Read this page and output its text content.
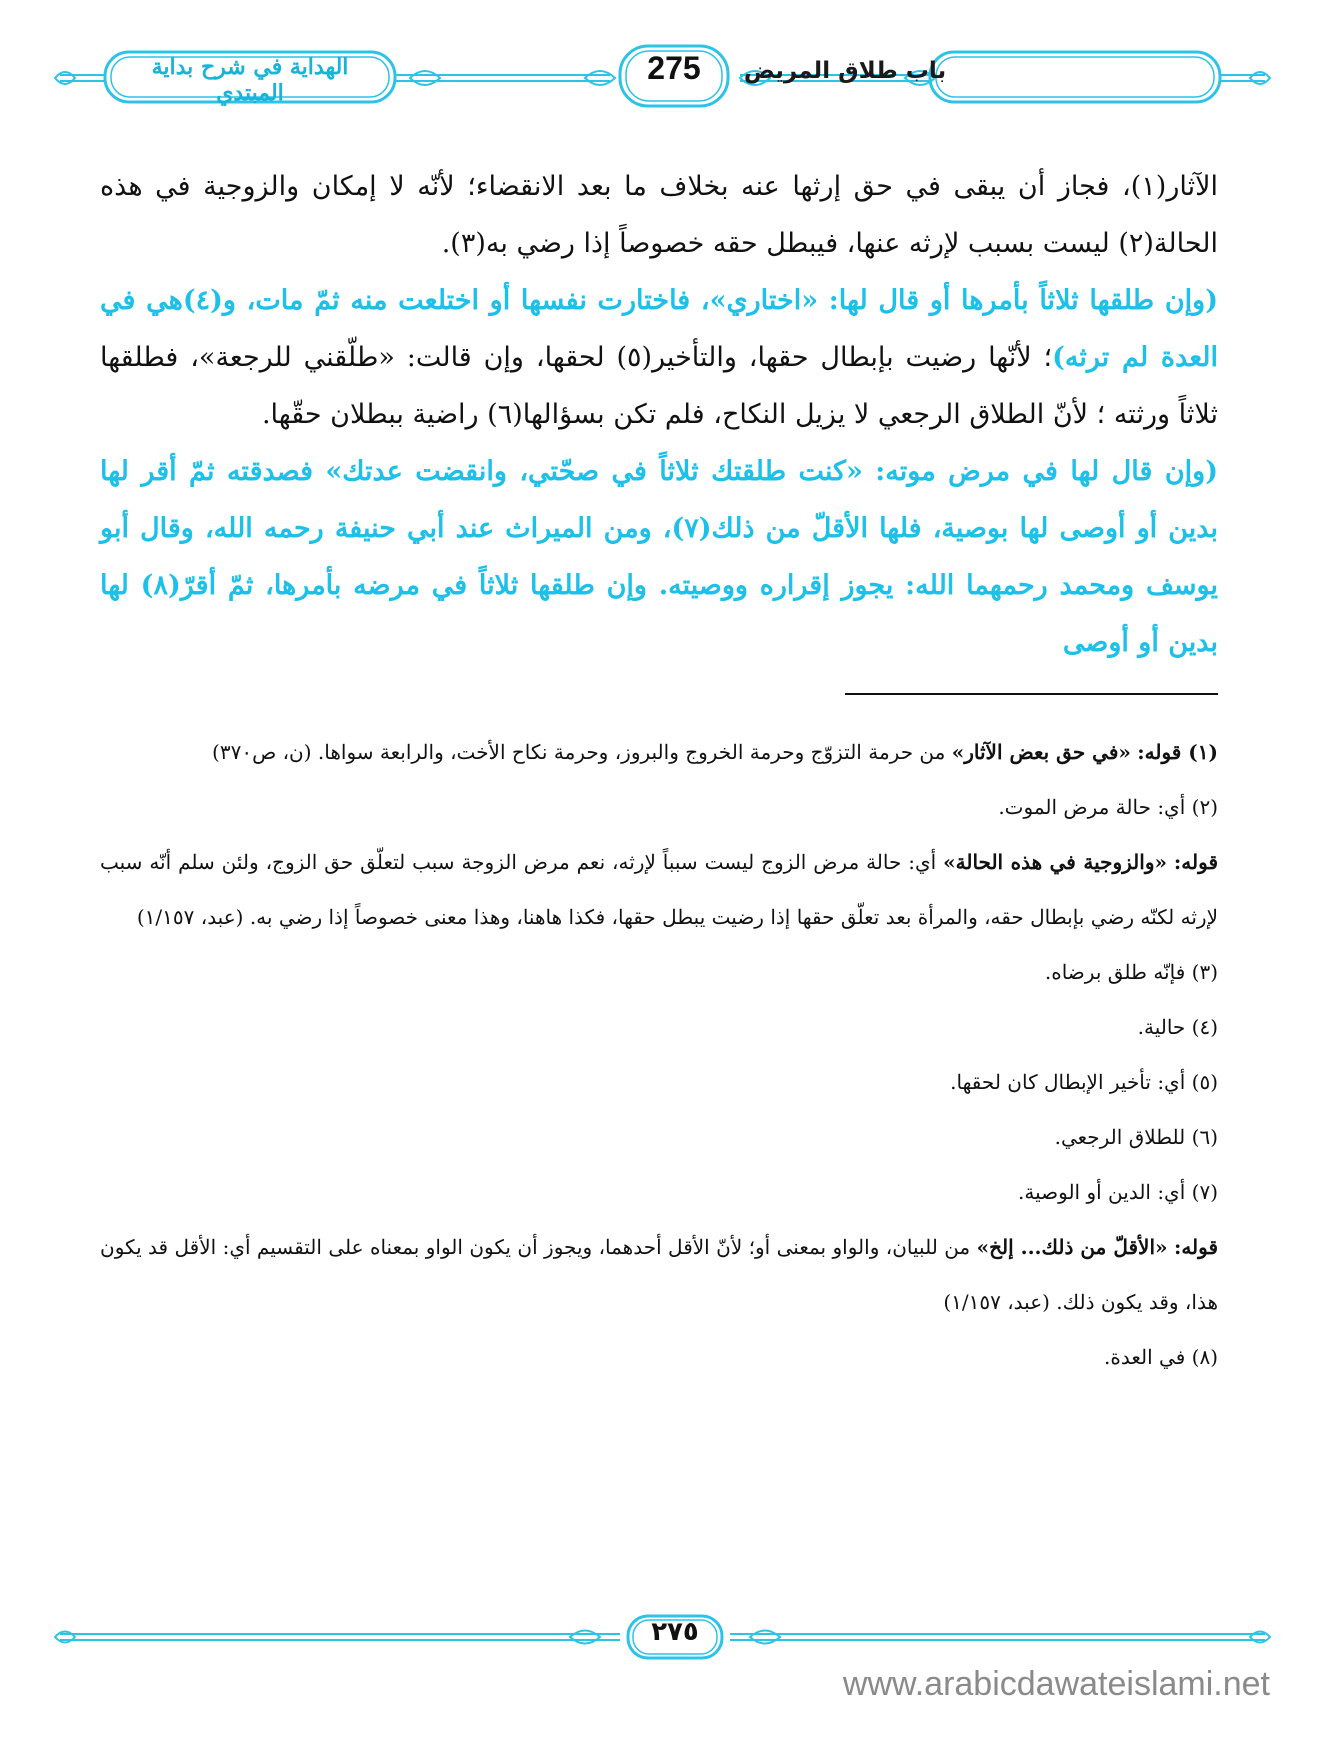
الهداية في شرح بداية المبتدي
275	باب طلاق المريض

الآثار(١)، فجاز أن يبقى في حق إرثها عنه بخلاف ما بعد الانقضاء؛ لأنّه لا إمكان والزوجية في هذه الحالة(٢) ليست بسبب لإرثه عنها، فيبطل حقه خصوصاً إذا رضي به(٣).

(وإن طلقها ثلاثاً بأمرها أو قال لها: «اختاري»، فاختارت نفسها أو اختلعت منه ثمّ مات، و(٤)هي في العدة لم ترثه)؛ لأنّها رضيت بإبطال حقها، والتأخير(٥) لحقها، وإن قالت: «طلّقني للرجعة»، فطلقها ثلاثاً ورثته ؛ لأنّ الطلاق الرجعي لا يزيل النكاح، فلم تكن بسؤالها(٦) راضية ببطلان حقّها.

(وإن قال لها في مرض موته: «كنت طلقتك ثلاثاً في صحّتي، وانقضت عدتك» فصدقته ثمّ أقر لها بدين أو أوصى لها بوصية، فلها الأقلّ من ذلك(٧)، ومن الميراث عند أبي حنيفة رحمه الله، وقال أبو يوسف ومحمد رحمهما الله: يجوز إقراره ووصيته. وإن طلقها ثلاثاً في مرضه بأمرها، ثمّ أقرّ(٨) لها بدين أو أوصى

(١) قوله: «في حق بعض الآثار» من حرمة التزوّج وحرمة الخروج والبروز، وحرمة نكاح الأخت، والرابعة سواها. (ن، ص٣٧٠)

(٢) أي: حالة مرض الموت.

قوله: «والزوجية في هذه الحالة» أي: حالة مرض الزوج ليست سبباً لإرثه، نعم مرض الزوجة سبب لتعلّق حق الزوج، ولئن سلم أنّه سبب لإرثه لكنّه رضي بإبطال حقه، والمرأة بعد تعلّق حقها إذا رضيت يبطل حقها، فكذا هاهنا، وهذا معنى خصوصاً إذا رضي به. (عبد، ١/١٥٧)

(٣) فإنّه طلق برضاه.

(٤) حالية.

(٥) أي: تأخير الإبطال كان لحقها.

(٦) للطلاق الرجعي.

(٧) أي: الدين أو الوصية.

قوله: «الأقلّ من ذلك... إلخ» من للبيان، والواو بمعنى أو؛ لأنّ الأقل أحدهما، ويجوز أن يكون الواو بمعناه على التقسيم أي: الأقل قد يكون هذا، وقد يكون ذلك. (عبد، ١/١٥٧)

(٨) في العدة.

٢٧٥
www.arabicdawateislami.net
